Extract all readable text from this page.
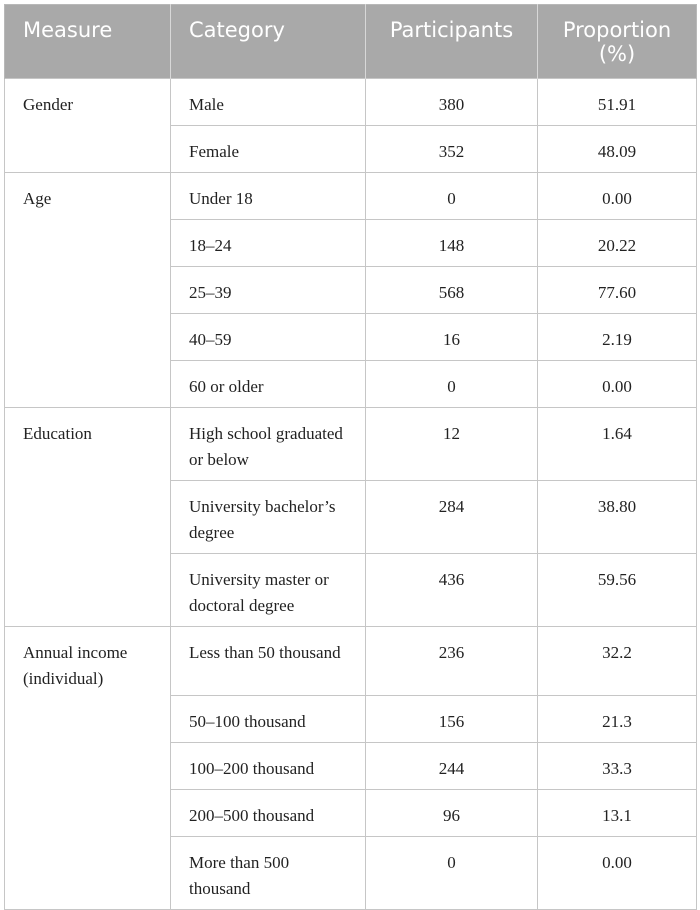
Measure	Category	Participants	Proportion (%)

Gender	Male	380	51.91

	Female	352	48.09

Age	Under 18	0	0.00

	18–24	148	20.22

	25–39	568	77.60

	40–59	16	2.19

	60 or older	0	0.00

Education	High school graduated or below	12	1.64

	University bachelor’s degree	284	38.80

	University master or doctoral degree	436	59.56

Annual income (individual)	Less than 50 thousand	236	32.2

	50–100 thousand	156	21.3

	100–200 thousand	244	33.3

	200–500 thousand	96	13.1

	More than 500 thousand	0	0.00
